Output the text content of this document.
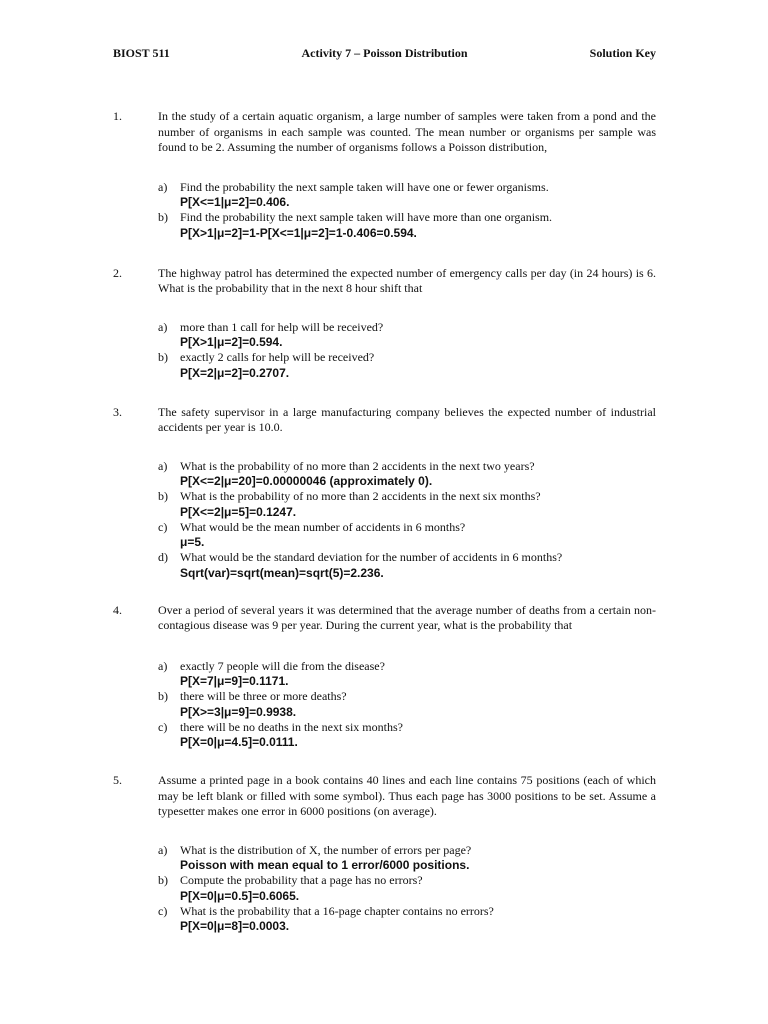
BIOST 511	Activity 7 – Poisson Distribution	Solution Key
1.	In the study of a certain aquatic organism, a large number of samples were taken from a pond and the number of organisms in each sample was counted. The mean number or organisms per sample was found to be 2. Assuming the number of organisms follows a Poisson distribution,
a) Find the probability the next sample taken will have one or fewer organisms.
P[X<=1|μ=2]=0.406.
b) Find the probability the next sample taken will have more than one organism.
P[X>1|μ=2]=1-P[X<=1|μ=2]=1-0.406=0.594.
2.	The highway patrol has determined the expected number of emergency calls per day (in 24 hours) is 6. What is the probability that in the next 8 hour shift that
a) more than 1 call for help will be received?
P[X>1|μ=2]=0.594.
b) exactly 2 calls for help will be received?
P[X=2|μ=2]=0.2707.
3.	The safety supervisor in a large manufacturing company believes the expected number of industrial accidents per year is 10.0.
a) What is the probability of no more than 2 accidents in the next two years?
P[X<=2|μ=20]=0.00000046 (approximately 0).
b) What is the probability of no more than 2 accidents in the next six months?
P[X<=2|μ=5]=0.1247.
c) What would be the mean number of accidents in 6 months?
μ=5.
d) What would be the standard deviation for the number of accidents in 6 months?
Sqrt(var)=sqrt(mean)=sqrt(5)=2.236.
4.	Over a period of several years it was determined that the average number of deaths from a certain non-contagious disease was 9 per year. During the current year, what is the probability that
a) exactly 7 people will die from the disease?
P[X=7|μ=9]=0.1171.
b) there will be three or more deaths?
P[X>=3|μ=9]=0.9938.
c) there will be no deaths in the next six months?
P[X=0|μ=4.5]=0.0111.
5.	Assume a printed page in a book contains 40 lines and each line contains 75 positions (each of which may be left blank or filled with some symbol). Thus each page has 3000 positions to be set. Assume a typesetter makes one error in 6000 positions (on average).
a) What is the distribution of X, the number of errors per page?
Poisson with mean equal to 1 error/6000 positions.
b) Compute the probability that a page has no errors?
P[X=0|μ=0.5]=0.6065.
c) What is the probability that a 16-page chapter contains no errors?
P[X=0|μ=8]=0.0003.
